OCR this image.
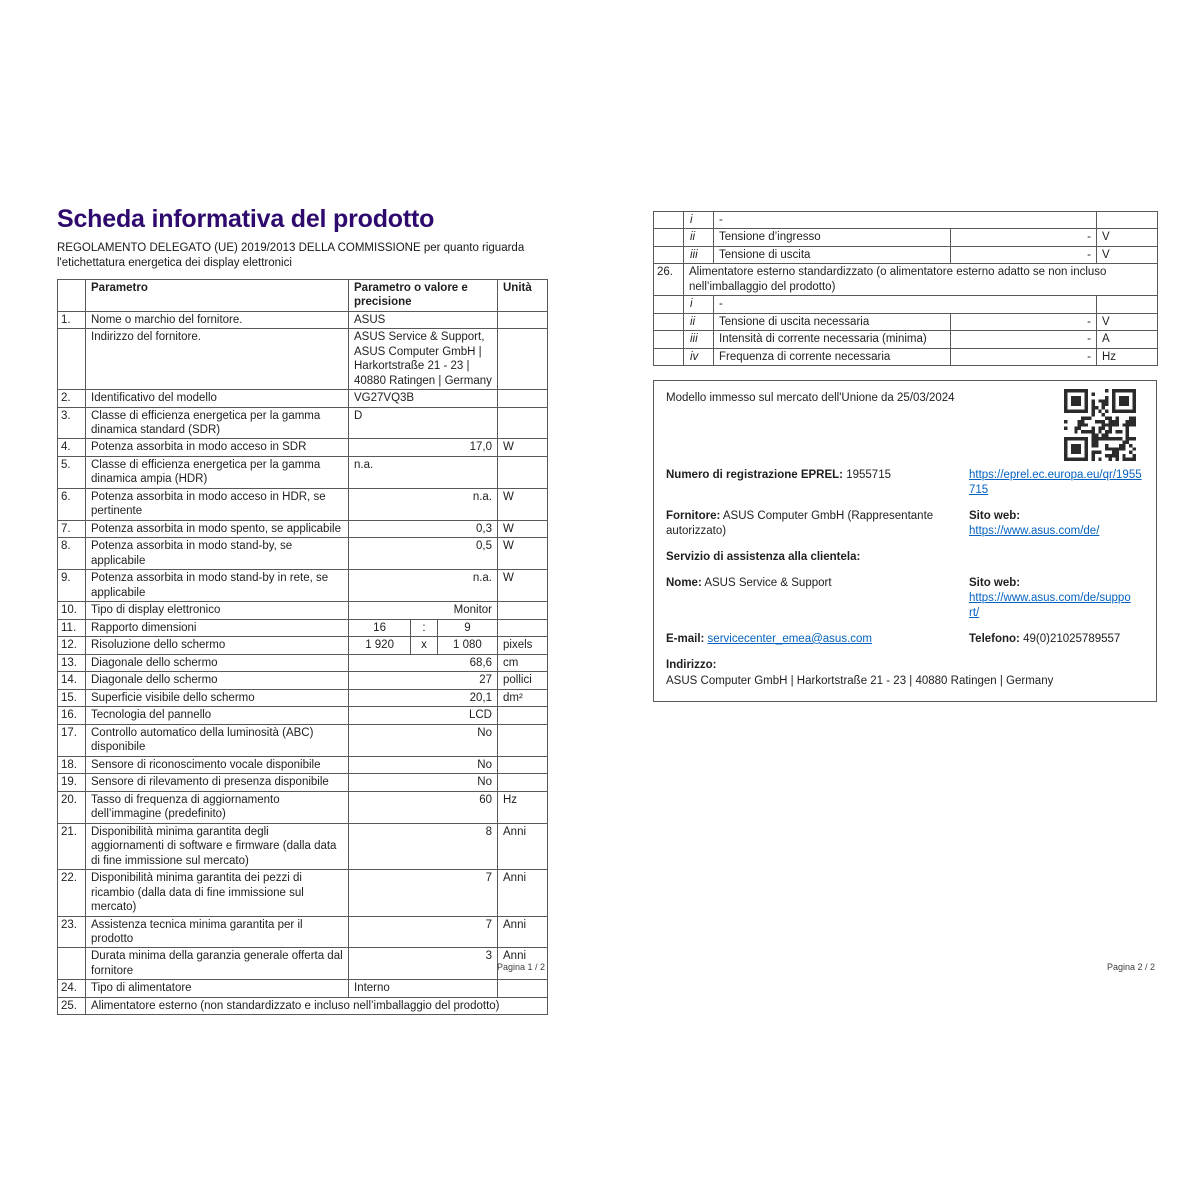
Scheda informativa del prodotto

REGOLAMENTO DELEGATO (UE) 2019/2013 DELLA COMMISSIONE per quanto riguarda l'etichettatura energetica dei display elettronici

	Parametro	Parametro o valore e precisione	Unità
1.	Nome o marchio del fornitore.	ASUS	
	Indirizzo del fornitore.	ASUS Service & Support, ASUS Computer GmbH | Harkortstraße 21 - 23 | 40880 Ratingen | Germany	
2.	Identificativo del modello	VG27VQ3B	
3.	Classe di efficienza energetica per la gamma dinamica standard (SDR)	D	
4.	Potenza assorbita in modo acceso in SDR	17,0	W
5.	Classe di efficienza energetica per la gamma dinamica ampia (HDR)	n.a.	
6.	Potenza assorbita in modo acceso in HDR, se pertinente	n.a.	W
7.	Potenza assorbita in modo spento, se applicabile	0,3	W
8.	Potenza assorbita in modo stand-by, se applicabile	0,5	W
9.	Potenza assorbita in modo stand-by in rete, se applicabile	n.a.	W
10.	Tipo di display elettronico	Monitor	
11.	Rapporto dimensioni	16 : 9	

12.	Risoluzione dello schermo	1 920 x 1 080	pixels
13.	Diagonale dello schermo	68,6	cm
14.	Diagonale dello schermo	27	pollici
15.	Superficie visibile dello schermo	20,1	dm²
16.	Tecnologia del pannello	LCD	
17.	Controllo automatico della luminosità (ABC) disponibile	No	
18.	Sensore di riconoscimento vocale disponibile	No	
19.	Sensore di rilevamento di presenza disponibile	No	
20.	Tasso di frequenza di aggiornamento dell’immagine (predefinito)	60	Hz
21.	Disponibilità minima garantita degli aggiornamenti di software e firmware (dalla data di fine immissione sul mercato)	8	Anni
22.	Disponibilità minima garantita dei pezzi di ricambio (dalla data di fine immissione sul mercato)	7	Anni
23.	Assistenza tecnica minima garantita per il prodotto	7	Anni
	Durata minima della garanzia generale offerta dal fornitore	3	Anni
24.	Tipo di alimentatore	Interno	
25.	Alimentatore esterno (non standardizzato e incluso nell’imballaggio del prodotto)		
Pagina 1 / 2
	i	-		
	ii	Tensione d’ingresso	-	V
	iii	Tensione di uscita	-	V
26.	Alimentatore esterno standardizzato (o alimentatore esterno adatto se non incluso nell’imballaggio del prodotto)			
	i	-		
	ii	Tensione di uscita necessaria	-	V
	iii	Intensità di corrente necessaria (minima)	-	A
	iv	Frequenza di corrente necessaria	-	Hz

Modello immesso sul mercato dell'Unione da 25/03/2024

Numero di registrazione EPREL: 1955715	https://eprel.ec.europa.eu/qr/1955715
Fornitore: ASUS Computer GmbH (Rappresentante autorizzato)
Sito web: https://www.asus.com/de/

Servizio di assistenza alla clientela:

Nome: ASUS Service & Support	Sito web: https://www.asus.com/de/support/
E-mail: servicecenter_emea@asus.com	Telefono: 49(0)21025789557

Indirizzo:

ASUS Computer GmbH | Harkortstraße 21 - 23 | 40880 Ratingen | Germany

Pagina 2 / 2
